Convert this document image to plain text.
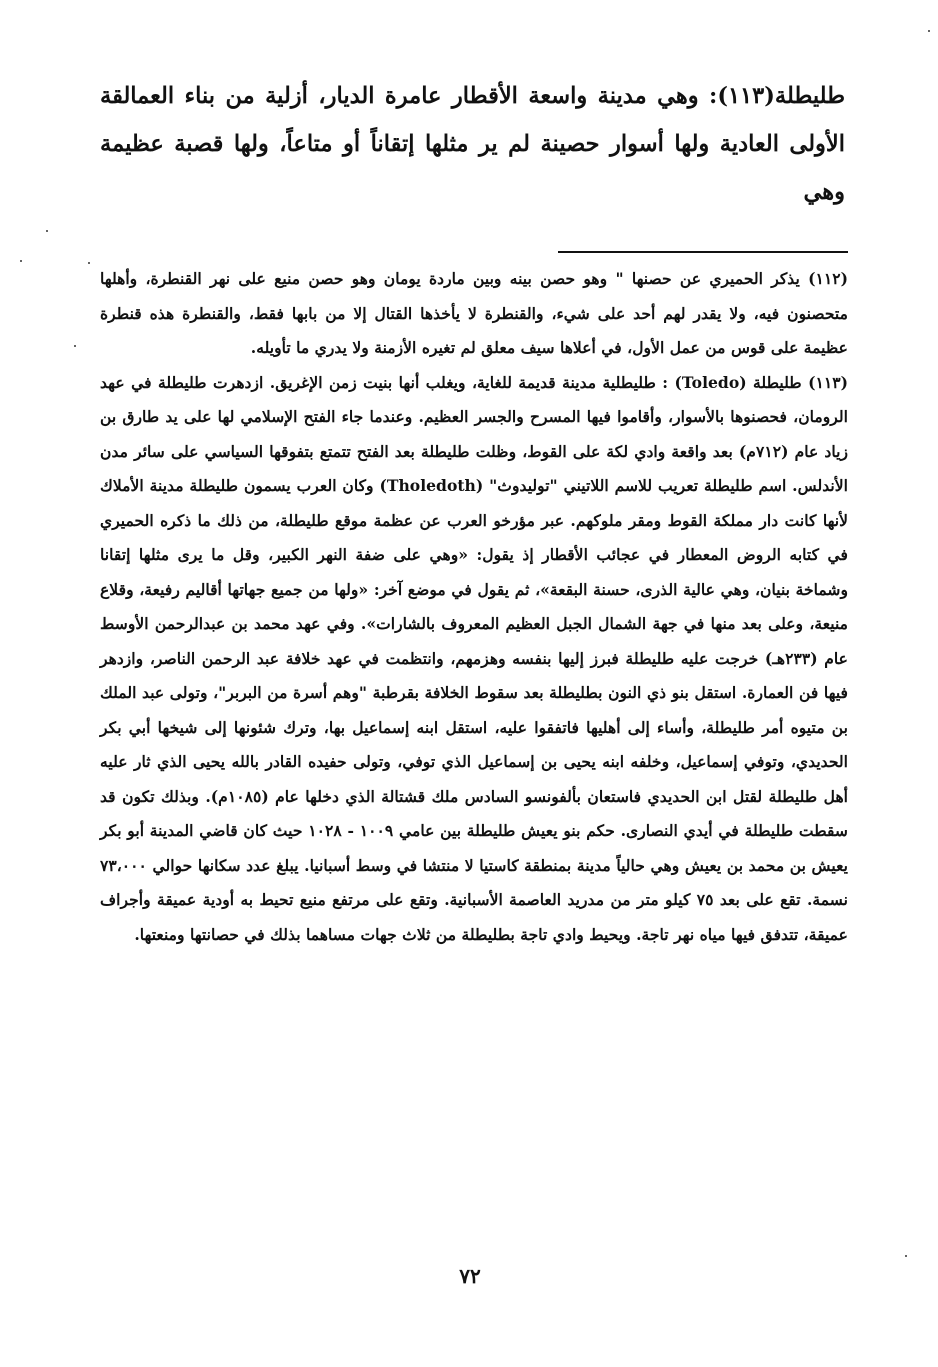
طليطلة(١١٣): وهي مدينة واسعة الأقطار عامرة الديار، أزلية من بناء العمالقة الأولى العادية ولها أسوار حصينة لم ير مثلها إتقاناً أو متاعاً، ولها قصبة عظيمة وهي

(١١٢) يذكر الحميري عن حصنها " وهو حصن بينه وبين ماردة يومان وهو حصن منيع على نهر القنطرة، وأهلها متحصنون فيه، ولا يقدر لهم أحد على شيء، والقنطرة لا يأخذها القتال إلا من بابها فقط، والقنطرة هذه قنطرة عظيمة على قوس من عمل الأول، في أعلاها سيف معلق لم تغيره الأزمنة ولا يدري ما تأويله.

(١١٣) طليطلة (Toledo) : طليطلية مدينة قديمة للغاية، ويغلب أنها بنيت زمن الإغريق. ازدهرت طليطلة في عهد الرومان، فحصنوها بالأسوار، وأقاموا فيها المسرح والجسر العظيم. وعندما جاء الفتح الإسلامي لها على يد طارق بن زياد عام (٧١٢م) بعد واقعة وادي لكة على القوط، وظلت طليطلة بعد الفتح تتمتع بتفوقها السياسي على سائر مدن الأندلس. اسم طليطلة تعريب للاسم اللاتيني "توليدوث" (Tholedoth) وكان العرب يسمون طليطلة مدينة الأملاك لأنها كانت دار مملكة القوط ومقر ملوكهم. عبر مؤرخو العرب عن عظمة موقع طليطلة، من ذلك ما ذكره الحميري في كتابه الروض المعطار في عجائب الأقطار إذ يقول: «وهي على ضفة النهر الكبير، وقل ما يرى مثلها إتقانا وشماخة بنيان، وهي عالية الذرى، حسنة البقعة»، ثم يقول في موضع آخر: «ولها من جميع جهاتها أقاليم رفيعة، وقلاع منيعة، وعلى بعد منها في جهة الشمال الجبل العظيم المعروف بالشارات». وفي عهد محمد بن عبدالرحمن الأوسط عام (٢٣٣هـ) خرجت عليه طليطلة فبرز إليها بنفسه وهزمهم، وانتظمت في عهد خلافة عبد الرحمن الناصر، وازدهر فيها فن العمارة. استقل بنو ذي النون بطليطلة بعد سقوط الخلافة بقرطبة "وهم أسرة من البربر"، وتولى عبد الملك بن متيوه أمر طليطلة، وأساء إلى أهليها فاتفقوا عليه، استقل ابنه إسماعيل بها، وترك شئونها إلى شيخها أبي بكر الحديدي، وتوفي إسماعيل، وخلفه ابنه يحيى بن إسماعيل الذي توفي، وتولى حفيده القادر بالله يحيى الذي ثار عليه أهل طليطلة لقتل ابن الحديدي فاستعان بألفونسو السادس ملك قشتالة الذي دخلها عام (١٠٨٥م). وبذلك تكون قد سقطت طليطلة في أيدي النصارى. حكم بنو يعيش طليطلة بين عامي ١٠٠٩ - ١٠٢٨ حيث كان قاضي المدينة أبو بكر يعيش بن محمد بن يعيش وهي حالياً مدينة بمنطقة كاستيا لا منتشا في وسط أسبانيا. يبلغ عدد سكانها حوالي ٧٣،٠٠٠ نسمة. تقع على بعد ٧٥ كيلو متر من مدريد العاصمة الأسبانية. وتقع على مرتفع منيع تحيط به أودية عميقة وأجراف عميقة، تتدفق فيها مياه نهر تاجة. ويحيط وادي تاجة بطليطلة من ثلاث جهات مساهما بذلك في حصانتها ومنعتها.

٧٢
